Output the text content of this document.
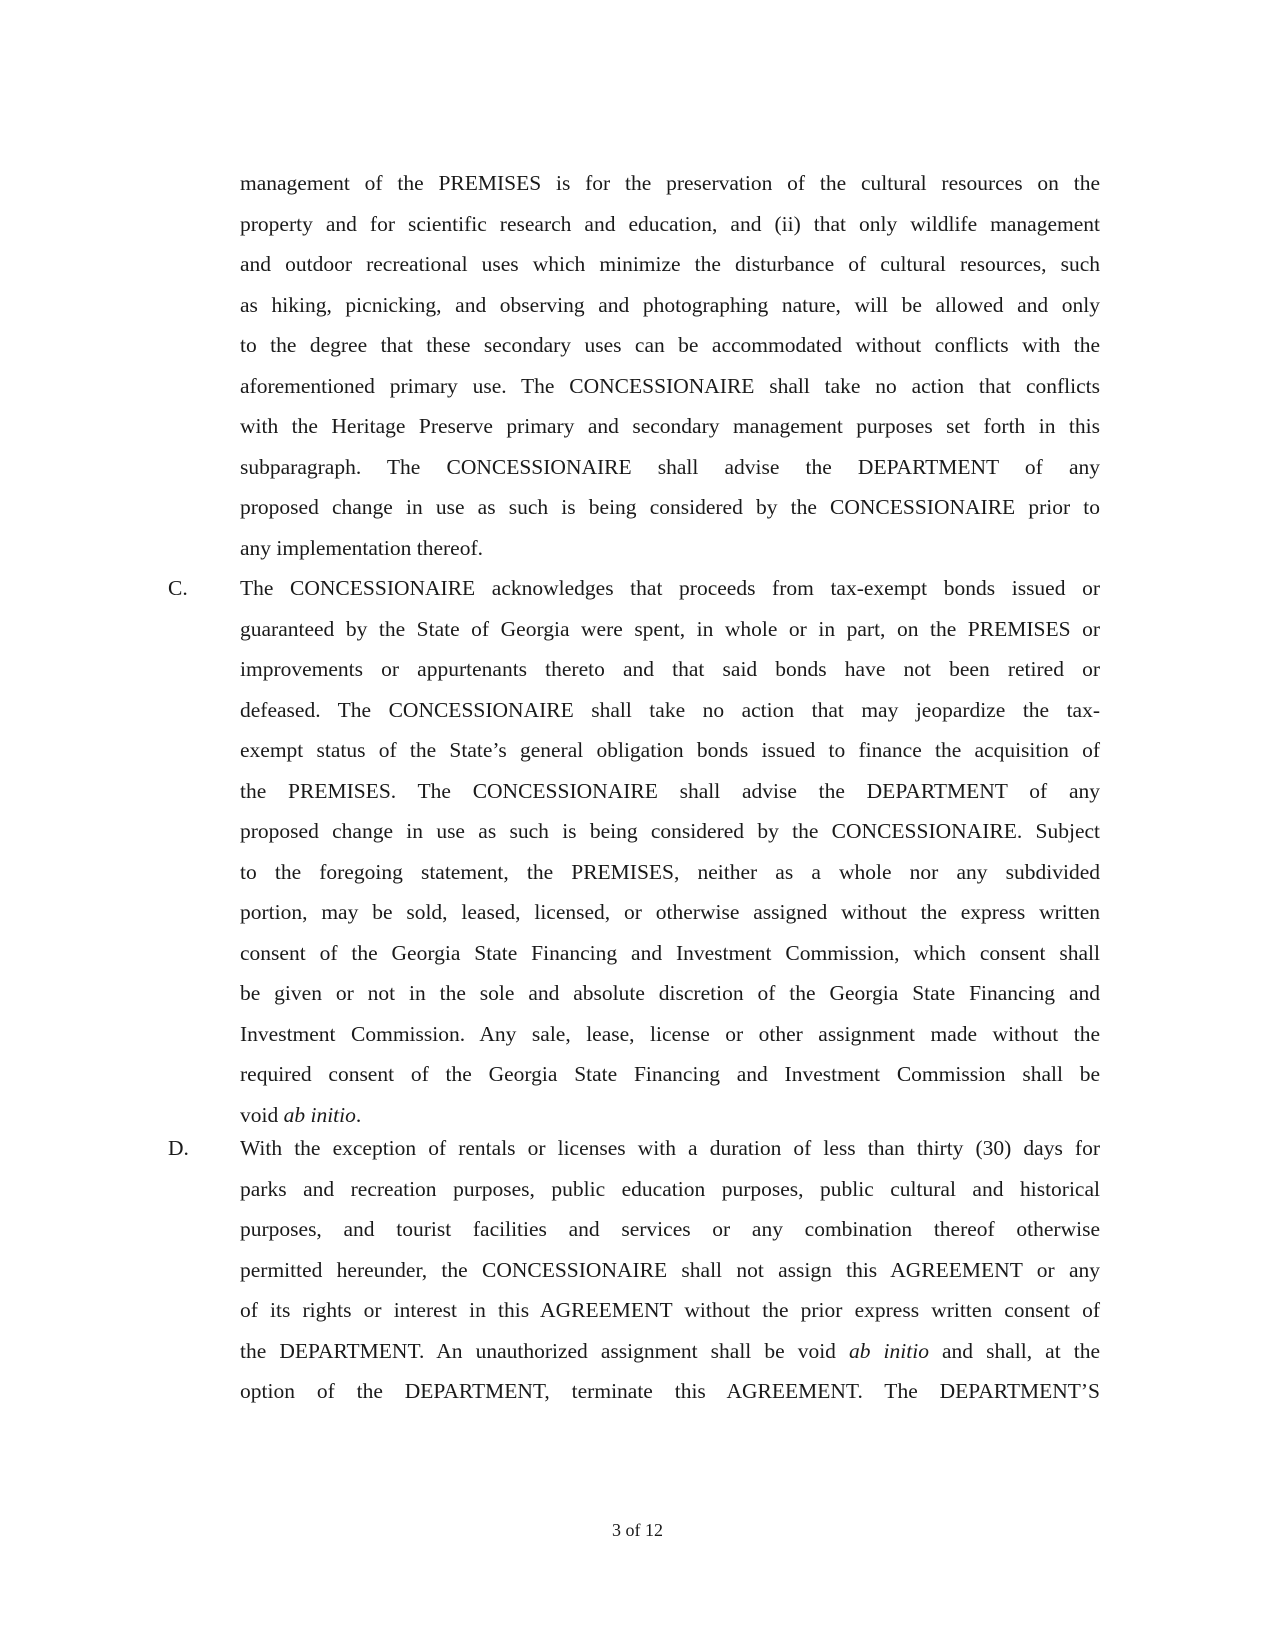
management of the PREMISES is for the preservation of the cultural resources on the
property and for scientific research and education, and (ii) that only wildlife management
and outdoor recreational uses which minimize the disturbance of cultural resources, such
as hiking, picnicking, and observing and photographing nature, will be allowed and only
to the degree that these secondary uses can be accommodated without conflicts with the
aforementioned primary use. The CONCESSIONAIRE shall take no action that conflicts
with the Heritage Preserve primary and secondary management purposes set forth in this
subparagraph. The CONCESSIONAIRE shall advise the DEPARTMENT of any
proposed change in use as such is being considered by the CONCESSIONAIRE prior to
any implementation thereof.
C. The CONCESSIONAIRE acknowledges that proceeds from tax-exempt bonds issued or
guaranteed by the State of Georgia were spent, in whole or in part, on the PREMISES or
improvements or appurtenants thereto and that said bonds have not been retired or
defeased. The CONCESSIONAIRE shall take no action that may jeopardize the tax-
exempt status of the State’s general obligation bonds issued to finance the acquisition of
the PREMISES. The CONCESSIONAIRE shall advise the DEPARTMENT of any
proposed change in use as such is being considered by the CONCESSIONAIRE. Subject
to the foregoing statement, the PREMISES, neither as a whole nor any subdivided
portion, may be sold, leased, licensed, or otherwise assigned without the express written
consent of the Georgia State Financing and Investment Commission, which consent shall
be given or not in the sole and absolute discretion of the Georgia State Financing and
Investment Commission. Any sale, lease, license or other assignment made without the
required consent of the Georgia State Financing and Investment Commission shall be
void ab initio.
D. With the exception of rentals or licenses with a duration of less than thirty (30) days for
parks and recreation purposes, public education purposes, public cultural and historical
purposes, and tourist facilities and services or any combination thereof otherwise
permitted hereunder, the CONCESSIONAIRE shall not assign this AGREEMENT or any
of its rights or interest in this AGREEMENT without the prior express written consent of
the DEPARTMENT. An unauthorized assignment shall be void ab initio and shall, at the
option of the DEPARTMENT, terminate this AGREEMENT. The DEPARTMENT’S
3 of 12
